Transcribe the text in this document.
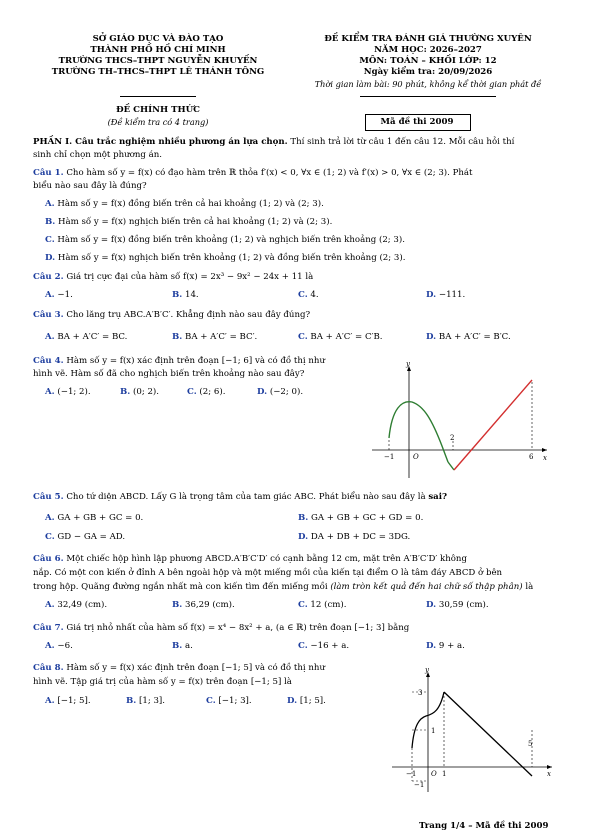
SỞ GIÁO DỤC VÀ ĐÀO TẠO
THÀNH PHỐ HỒ CHÍ MINH
TRƯỜNG THCS–THPT NGUYỄN KHUYẾN
TRƯỜNG TH–THCS–THPT LÊ THÁNH TÔNG
ĐỀ CHÍNH THỨC
(Đề kiểm tra có 4 trang)
ĐỀ KIỂM TRA ĐÁNH GIÁ THƯỜNG XUYÊN
NĂM HỌC: 2026–2027
MÔN: TOÁN – KHỐI LỚP: 12
Ngày kiểm tra: 20/09/2026
Thời gian làm bài: 90 phút, không kể thời gian phát đề
Mã đề thi 2009
PHẦN I. Câu trắc nghiệm nhiều phương án lựa chọn. Thí sinh trả lời từ câu 1 đến câu 12. Mỗi câu hỏi thí
sinh chỉ chọn một phương án.
Câu 1. Cho hàm số y = f(x) có đạo hàm trên ℝ thỏa f′(x) < 0, ∀x ∈ (1; 2) và f′(x) > 0, ∀x ∈ (2; 3). Phát
biểu nào sau đây là đúng?
A. Hàm số y = f(x) đồng biến trên cả hai khoảng (1; 2) và (2; 3).
B. Hàm số y = f(x) nghịch biến trên cả hai khoảng (1; 2) và (2; 3).
C. Hàm số y = f(x) đồng biến trên khoảng (1; 2) và nghịch biến trên khoảng (2; 3).
D. Hàm số y = f(x) nghịch biến trên khoảng (1; 2) và đồng biến trên khoảng (2; 3).
Câu 2. Giá trị cực đại của hàm số f(x) = 2x³ − 9x² − 24x + 11 là
A. −1.	B. 14.	C. 4.	D. −111.
Câu 3. Cho lăng trụ ABC.A′B′C′. Khẳng định nào sau đây đúng?
A. BA + A′C′ = BC.	B. BA + A′C′ = BC′.	C. BA + A′C′ = C′B.	D. BA + A′C′ = B′C.
Câu 4. Hàm số y = f(x) xác định trên đoạn [−1; 6] và có đồ thị như
hình vẽ. Hàm số đã cho nghịch biến trên khoảng nào sau đây?
A. (−1; 2).	B. (0; 2).	C. (2; 6).	D. (−2; 0).
y
x
−1	O
2
6
Câu 5. Cho tứ diện ABCD. Lấy G là trọng tâm của tam giác ABC. Phát biểu nào sau đây là sai?
A. GA + GB + GC = 0.	B. GA + GB + GC + GD = 0.
C. GD − GA = AD.	D. DA + DB + DC = 3DG.
Câu 6. Một chiếc hộp hình lập phương ABCD.A′B′C′D′ có cạnh bằng 12 cm, mặt trên A′B′C′D′ không
nắp. Có một con kiến ở đỉnh A bên ngoài hộp và một miếng mồi của kiến tại điểm O là tâm đáy ABCD ở bên
trong hộp. Quãng đường ngắn nhất mà con kiến tìm đến miếng mồi (làm tròn kết quả đến hai chữ số thập phân) là
A. 32,49 (cm).	B. 36,29 (cm).	C. 12 (cm).	D. 30,59 (cm).
Câu 7. Giá trị nhỏ nhất của hàm số f(x) = x⁴ − 8x² + a, (a ∈ ℝ) trên đoạn [−1; 3] bằng
A. −6.	B. a.	C. −16 + a.	D. 9 + a.
Câu 8. Hàm số y = f(x) xác định trên đoạn [−1; 5] và có đồ thị như
hình vẽ. Tập giá trị của hàm số y = f(x) trên đoạn [−1; 5] là
A. [−1; 5].	B. [1; 3].	C. [−1; 3].	D. [1; 5].
y
x
3
1
5
−1 O 1
−1
Trang 1/4 – Mã đề thi 2009
